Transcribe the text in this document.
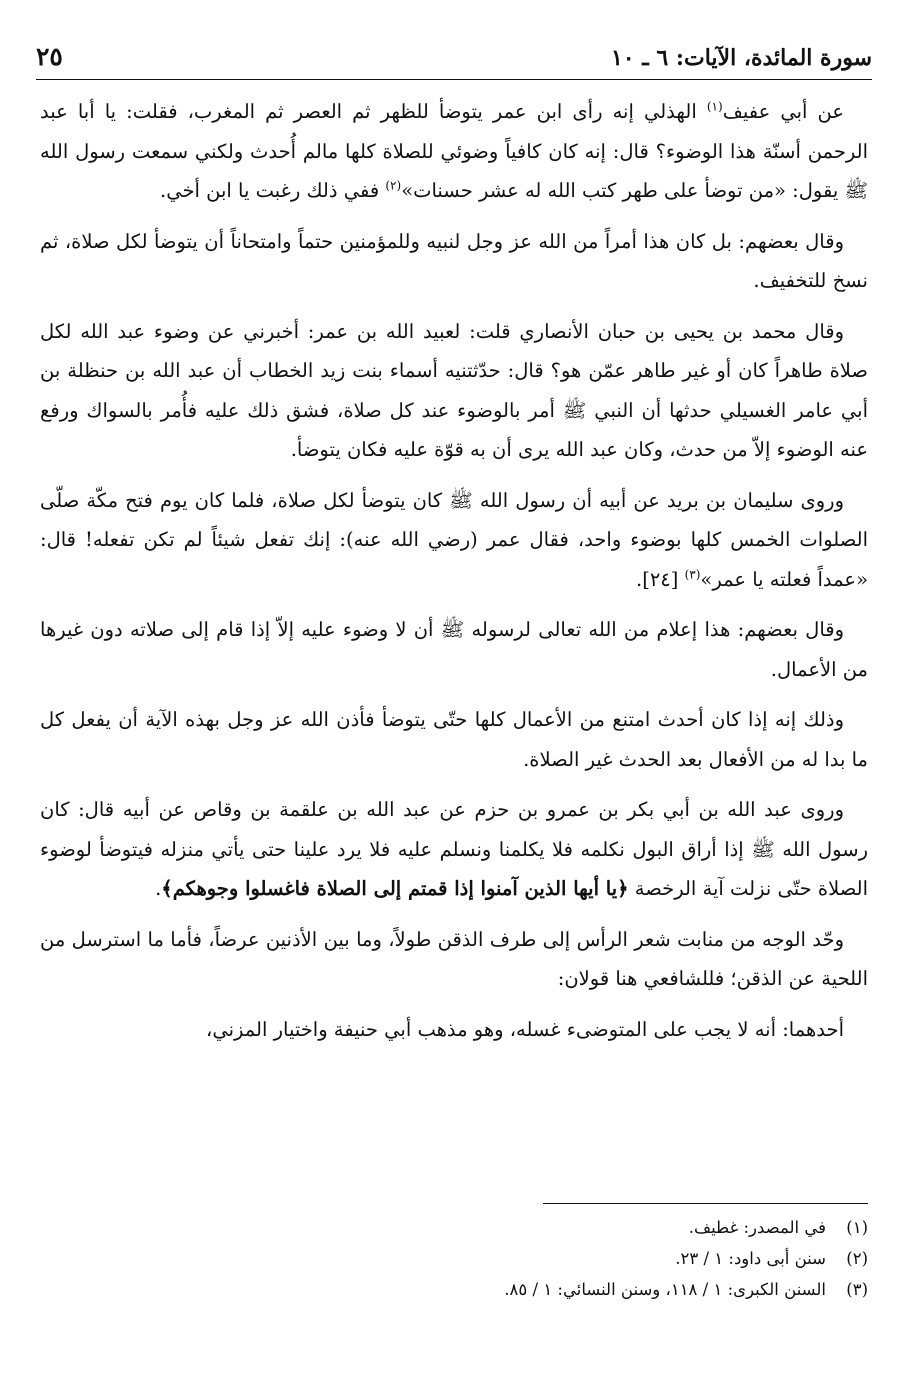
٢٥	سورة المائدة، الآيات: ٦ ـ ١٠

عن أبي عفيف$^{(١)}$ الهذلي إنه رأى ابن عمر يتوضأ للظهر ثم العصر ثم المغرب، فقلت: يا أبا عبد الرحمن أسنّة هذا الوضوء؟ قال: إنه كان كافياً وضوئي للصلاة كلها مالم أُحدث ولكني سمعت رسول الله ﷺ يقول: «من توضأ على طهر كتب الله له عشر حسنات»$^{(٢)}$ ففي ذلك رغبت يا ابن أخي.

وقال بعضهم: بل كان هذا أمراً من الله عز وجل لنبيه وللمؤمنين حتماً وامتحاناً أن يتوضأ لكل صلاة، ثم نسخ للتخفيف.

وقال محمد بن يحيى بن حبان الأنصاري قلت: لعبيد الله بن عمر: أخبرني عن وضوء عبد الله لكل صلاة طاهراً كان أو غير طاهر عمّن هو؟ قال: حدّثتنيه أسماء بنت زيد الخطاب أن عبد الله بن حنظلة بن أبي عامر الغسيلي حدثها أن النبي ﷺ أمر بالوضوء عند كل صلاة، فشق ذلك عليه فأُمر بالسواك ورفع عنه الوضوء إلاّ من حدث، وكان عبد الله يرى أن به قوّة عليه فكان يتوضأ.

وروى سليمان بن بريد عن أبيه أن رسول الله ﷺ كان يتوضأ لكل صلاة، فلما كان يوم فتح مكّة صلّى الصلوات الخمس كلها بوضوء واحد، فقال عمر (رضي الله عنه): إنك تفعل شيئاً لم تكن تفعله! قال: «عمداً فعلته يا عمر»$^{(٣)}$ [٢٤].

وقال بعضهم: هذا إعلام من الله تعالى لرسوله ﷺ أن لا وضوء عليه إلاّ إذا قام إلى صلاته دون غيرها من الأعمال.

وذلك إنه إذا كان أحدث امتنع من الأعمال كلها حتّى يتوضأ فأذن الله عز وجل بهذه الآية أن يفعل كل ما بدا له من الأفعال بعد الحدث غير الصلاة.

وروى عبد الله بن أبي بكر بن عمرو بن حزم عن عبد الله بن علقمة بن وقاص عن أبيه قال: كان رسول الله ﷺ إذا أراق البول نكلمه فلا يكلمنا ونسلم عليه فلا يرد علينا حتى يأتي منزله فيتوضأ لوضوء الصلاة حتّى نزلت آية الرخصة ﴿يا أيها الذين آمنوا إذا قمتم إلى الصلاة فاغسلوا وجوهكم﴾.

وحّد الوجه من منابت شعر الرأس إلى طرف الذقن طولاً، وما بين الأذنين عرضاً، فأما ما استرسل من اللحية عن الذقن؛ فللشافعي هنا قولان:

أحدهما: أنه لا يجب على المتوضىء غسله، وهو مذهب أبي حنيفة واختيار المزني،

(١)في المصدر: غطيف.

(٢)سنن أبى داود: ١ / ٢٣.

(٣)السنن الكبرى: ١ / ١١٨، وسنن النسائي: ١ / ٨٥.
